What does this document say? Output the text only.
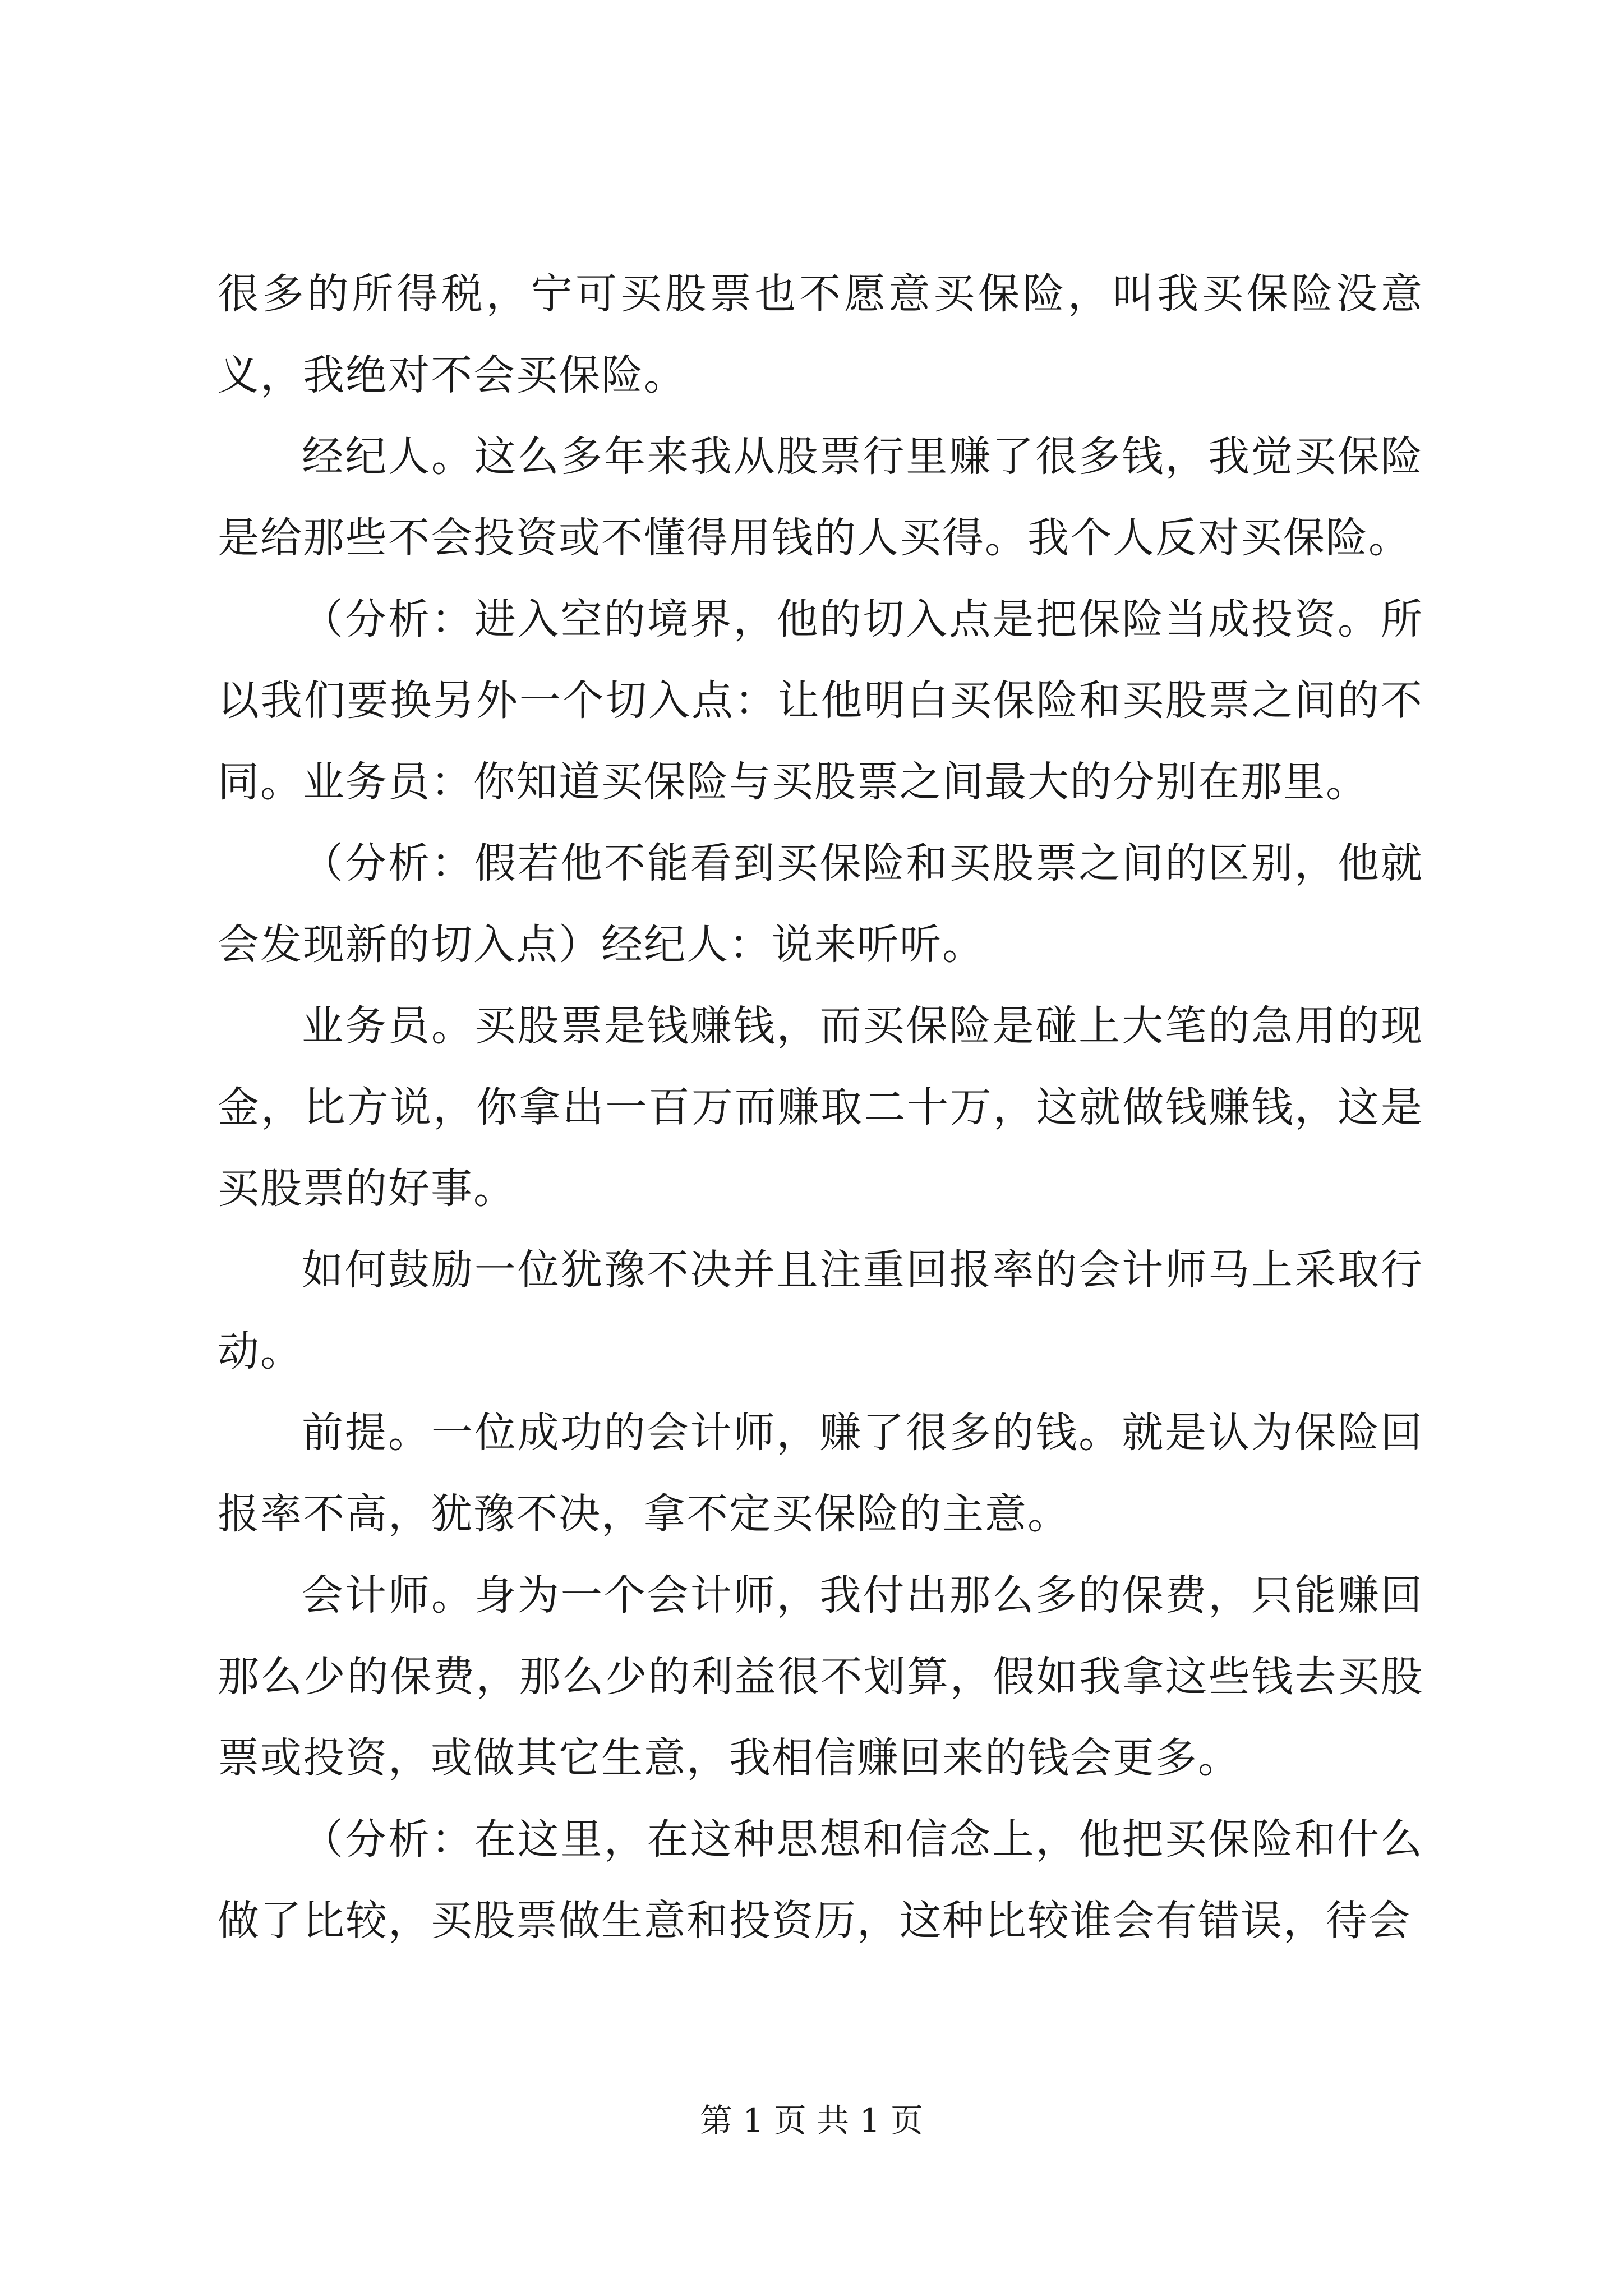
很多的所得税，宁可买股票也不愿意买保险，叫我买保险没意义，我绝对不会买保险。

经纪人。这么多年来我从股票行里赚了很多钱，我觉买保险是给那些不会投资或不懂得用钱的人买得。我个人反对买保险。

（分析：进入空的境界，他的切入点是把保险当成投资。所以我们要换另外一个切入点：让他明白买保险和买股票之间的不同。业务员：你知道买保险与买股票之间最大的分别在那里。

（分析：假若他不能看到买保险和买股票之间的区别，他就会发现新的切入点）经纪人：说来听听。

业务员。买股票是钱赚钱，而买保险是碰上大笔的急用的现金，比方说，你拿出一百万而赚取二十万，这就做钱赚钱，这是买股票的好事。

如何鼓励一位犹豫不决并且注重回报率的会计师马上采取行动。

前提。一位成功的会计师，赚了很多的钱。就是认为保险回报率不高，犹豫不决，拿不定买保险的主意。

会计师。身为一个会计师，我付出那么多的保费，只能赚回那么少的保费，那么少的利益很不划算，假如我拿这些钱去买股票或投资，或做其它生意，我相信赚回来的钱会更多。

（分析：在这里，在这种思想和信念上，他把买保险和什么做了比较，买股票做生意和投资历，这种比较谁会有错误，待会

第 1 页 共 1 页
